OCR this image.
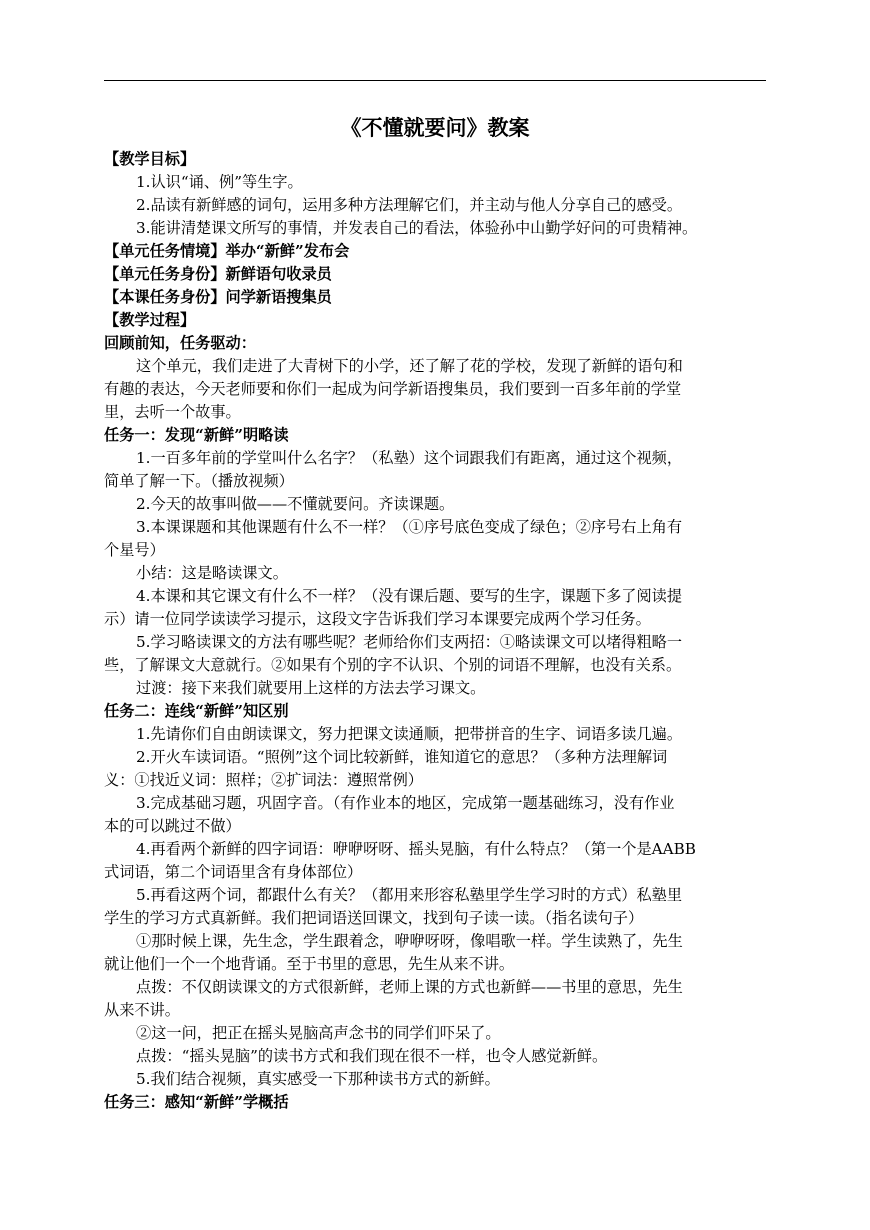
《不懂就要问》教案
【教学目标】
1.认识“诵、例”等生字。
2.品读有新鲜感的词句，运用多种方法理解它们，并主动与他人分享自己的感受。
3.能讲清楚课文所写的事情，并发表自己的看法，体验孙中山勤学好问的可贵精神。
【单元任务情境】举办“新鲜”发布会
【单元任务身份】新鲜语句收录员
【本课任务身份】问学新语搜集员
【教学过程】
回顾前知，任务驱动：
这个单元，我们走进了大青树下的小学，还了解了花的学校，发现了新鲜的语句和
有趣的表达，今天老师要和你们一起成为问学新语搜集员，我们要到一百多年前的学堂
里，去听一个故事。
任务一：发现“新鲜”明略读
1.一百多年前的学堂叫什么名字？（私塾）这个词跟我们有距离，通过这个视频，
简单了解一下。（播放视频）
2.今天的故事叫做——不懂就要问。齐读课题。
3.本课课题和其他课题有什么不一样？（①序号底色变成了绿色；②序号右上角有
个星号）
小结：这是略读课文。
4.本课和其它课文有什么不一样？（没有课后题、要写的生字，课题下多了阅读提
示）请一位同学读读学习提示，这段文字告诉我们学习本课要完成两个学习任务。
5.学习略读课文的方法有哪些呢？老师给你们支两招：①略读课文可以堵得粗略一
些，了解课文大意就行。②如果有个别的字不认识、个别的词语不理解，也没有关系。
过渡：接下来我们就要用上这样的方法去学习课文。
任务二：连线“新鲜”知区别
1.先请你们自由朗读课文，努力把课文读通顺，把带拼音的生字、词语多读几遍。
2.开火车读词语。“照例”这个词比较新鲜，谁知道它的意思？（多种方法理解词
义：①找近义词：照样；②扩词法：遵照常例）
3.完成基础习题，巩固字音。（有作业本的地区，完成第一题基础练习，没有作业
本的可以跳过不做）
4.再看两个新鲜的四字词语：咿咿呀呀、摇头晃脑，有什么特点？（第一个是AABB
式词语，第二个词语里含有身体部位）
5.再看这两个词，都跟什么有关？（都用来形容私塾里学生学习时的方式）私塾里
学生的学习方式真新鲜。我们把词语送回课文，找到句子读一读。（指名读句子）
①那时候上课，先生念，学生跟着念，咿咿呀呀，像唱歌一样。学生读熟了，先生
就让他们一个一个地背诵。至于书里的意思，先生从来不讲。
点拨：不仅朗读课文的方式很新鲜，老师上课的方式也新鲜——书里的意思，先生
从来不讲。
②这一问，把正在摇头晃脑高声念书的同学们吓呆了。
点拨：“摇头晃脑”的读书方式和我们现在很不一样，也令人感觉新鲜。
5.我们结合视频，真实感受一下那种读书方式的新鲜。
任务三：感知“新鲜”学概括
